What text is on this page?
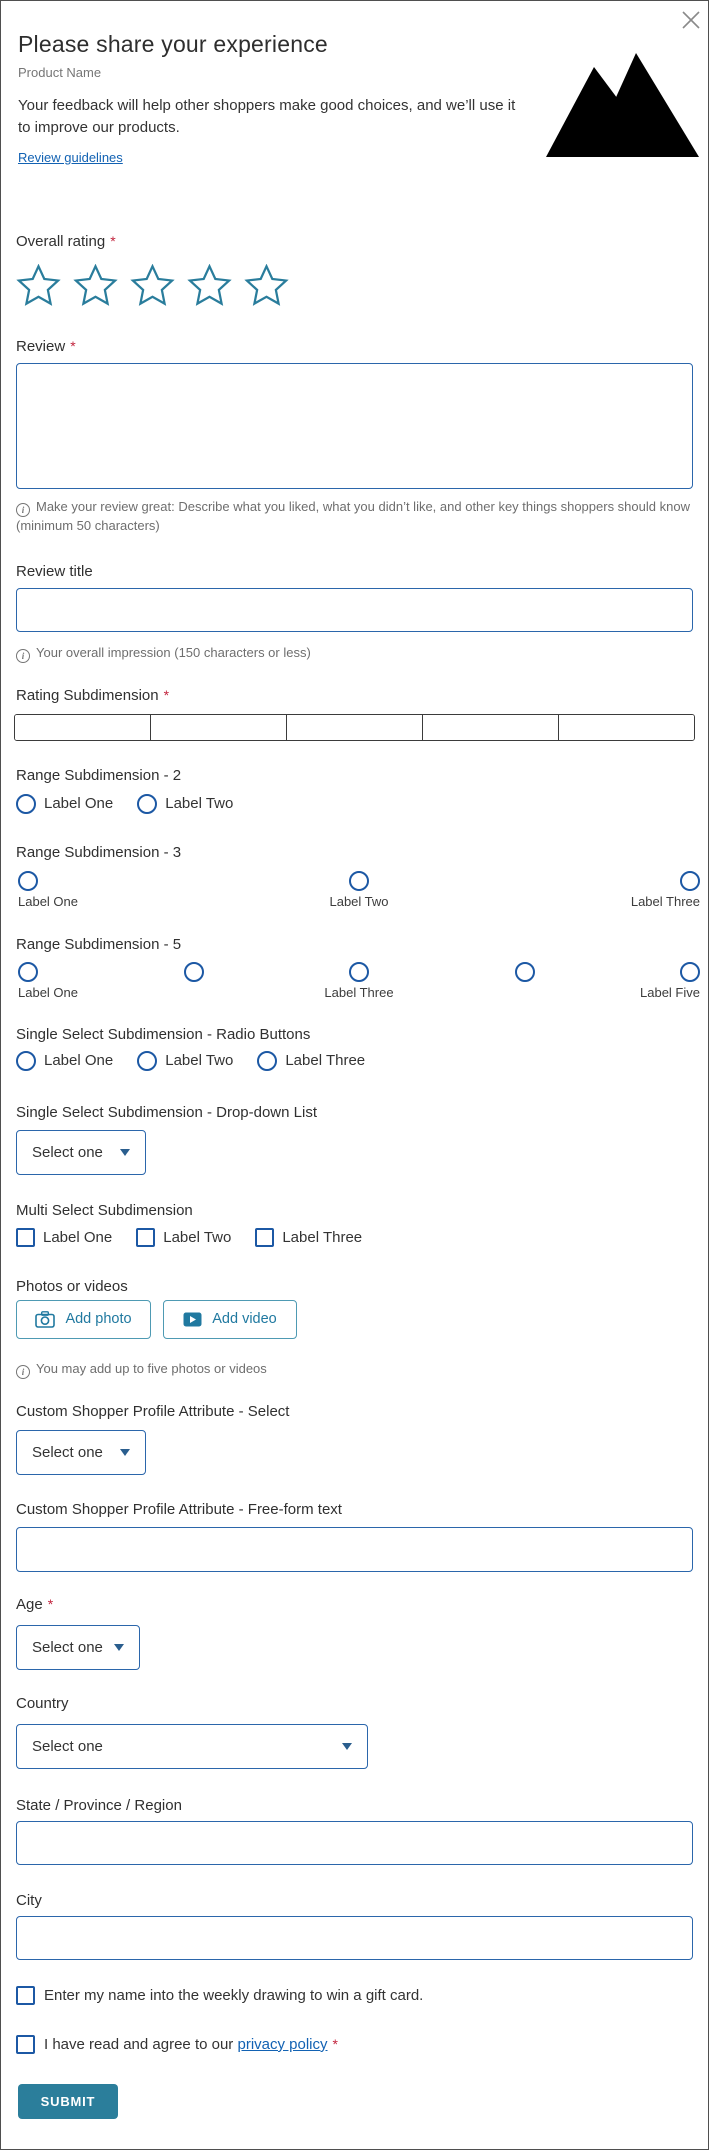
Please share your experience
Product Name
Your feedback will help other shoppers make good choices, and we’ll use it to improve our products.
Review guidelines
Overall rating *
Review *
iMake your review great: Describe what you liked, what you didn’t like, and other key things shoppers should know (minimum 50 characters)
Review title
iYour overall impression (150 characters or less)
Rating Subdimension *
Range Subdimension - 2
Label One	Label Two
Range Subdimension - 3
Label One	Label Two	Label Three
Range Subdimension - 5
Label One	Label Three	Label Five
Single Select Subdimension - Radio Buttons
Label One	Label Two	Label Three
Single Select Subdimension - Drop-down List
Select one
Multi Select Subdimension
Label One	Label Two	Label Three
Photos or videos
Add photo	Add video
iYou may add up to five photos or videos
Custom Shopper Profile Attribute - Select
Select one
Custom Shopper Profile Attribute - Free-form text
Age *
Select one
Country
Select one
State / Province / Region
City
Enter my name into the weekly drawing to win a gift card.
I have read and agree to our privacy policy *
SUBMIT
